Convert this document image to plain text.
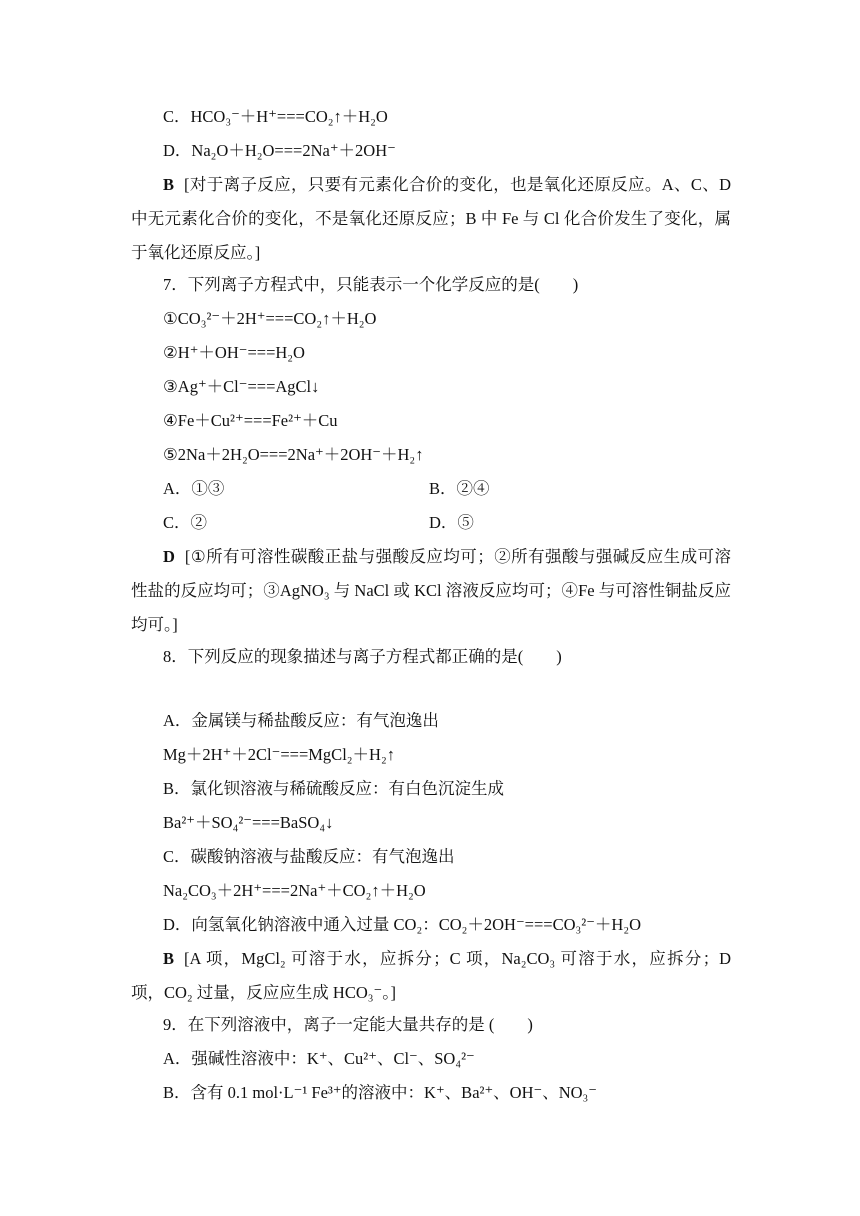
C．HCO₃⁻＋H⁺===CO₂↑＋H₂O
D．Na₂O＋H₂O===2Na⁺＋2OH⁻
B [对于离子反应，只要有元素化合价的变化，也是氧化还原反应。A、C、D 中无元素化合价的变化，不是氧化还原反应；B 中 Fe 与 Cl 化合价发生了变化，属于氧化还原反应。]
7．下列离子方程式中，只能表示一个化学反应的是(　　)
①CO₃²⁻＋2H⁺===CO₂↑＋H₂O
②H⁺＋OH⁻===H₂O
③Ag⁺＋Cl⁻===AgCl↓
④Fe＋Cu²⁺===Fe²⁺＋Cu
⑤2Na＋2H₂O===2Na⁺＋2OH⁻＋H₂↑
A．①③	B．②④
C．②	D．⑤
D [①所有可溶性碳酸正盐与强酸反应均可；②所有强酸与强碱反应生成可溶性盐的反应均可；③AgNO₃ 与 NaCl 或 KCl 溶液反应均可；④Fe 与可溶性铜盐反应均可。]
8．下列反应的现象描述与离子方程式都正确的是(　　)
A．金属镁与稀盐酸反应：有气泡逸出
Mg＋2H⁺＋2Cl⁻===MgCl₂＋H₂↑
B．氯化钡溶液与稀硫酸反应：有白色沉淀生成
Ba²⁺＋SO₄²⁻===BaSO₄↓
C．碳酸钠溶液与盐酸反应：有气泡逸出
Na₂CO₃＋2H⁺===2Na⁺＋CO₂↑＋H₂O
D．向氢氧化钠溶液中通入过量 CO₂：CO₂＋2OH⁻===CO₃²⁻＋H₂O
B [A 项，MgCl₂ 可溶于水，应拆分；C 项，Na₂CO₃ 可溶于水，应拆分；D 项，CO₂ 过量，反应应生成 HCO₃⁻。]
9．在下列溶液中，离子一定能大量共存的是 (　　)
A．强碱性溶液中：K⁺、Cu²⁺、Cl⁻、SO₄²⁻
B．含有 0.1 mol·L⁻¹ Fe³⁺的溶液中：K⁺、Ba²⁺、OH⁻、NO₃⁻
